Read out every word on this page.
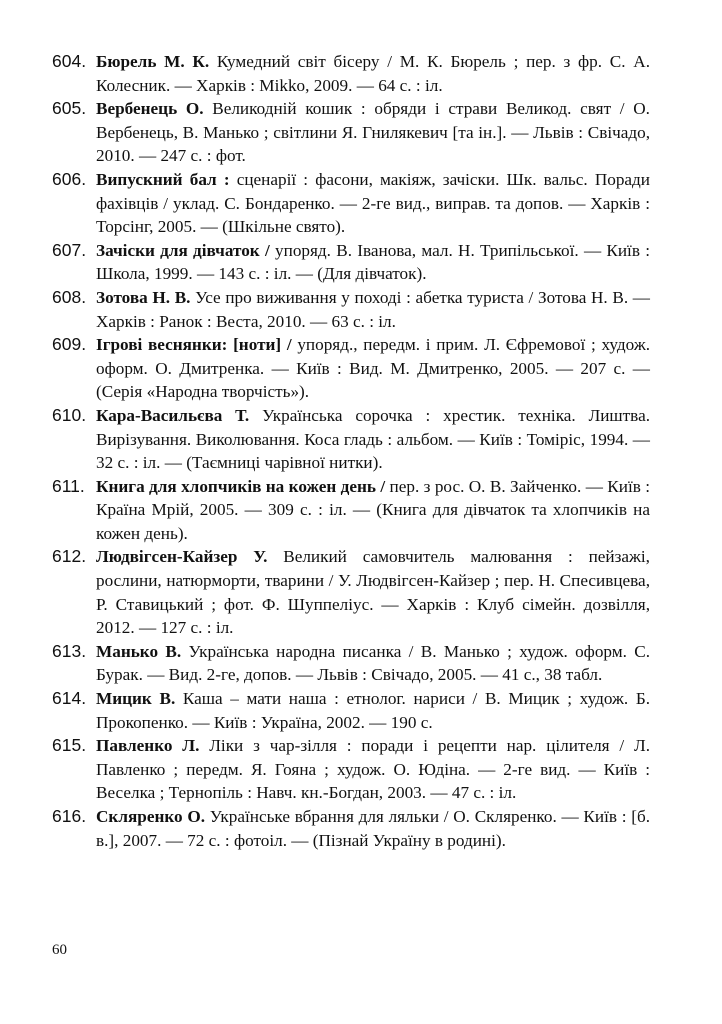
604. Бюрель М. К. Кумедний світ бісеру / М. К. Бюрель ; пер. з фр. С. А. Колесник. — Харків : Mikko, 2009. — 64 с. : іл.

605. Вербенець О. Великодній кошик : обряди і страви Великод. свят / О. Вербенець, В. Манько ; світлини Я. Гнилякевич [та ін.]. — Львів : Свічадо, 2010. — 247 с. : фот.

606. Випускний бал : сценарії : фасони, макіяж, зачіски. Шк. вальс. Поради фахівців / уклад. С. Бондаренко. — 2-ге вид., виправ. та допов. — Харків : Торсінг, 2005. — (Шкільне свято).

607. Зачіски для дівчаток / упоряд. В. Іванова, мал. Н. Трипільської. — Київ : Школа, 1999. — 143 с. : іл. — (Для дівчаток).

608. Зотова Н. В. Усе про виживання у поході : абетка туриста / Зотова Н. В. — Харків : Ранок : Веста, 2010. — 63 с. : іл.

609. Ігрові веснянки: [ноти] / упоряд., передм. і прим. Л. Єфремової ; худож. оформ. О. Дмитренка. — Київ : Вид. М. Дмитренко, 2005. — 207 с. — (Серія «Народна творчість»).

610. Кара-Васильєва Т. Українська сорочка : хрестик. техніка. Лиштва. Вирізування. Виколювання. Коса гладь : альбом. — Київ : Томіріс, 1994. — 32 с. : іл. — (Таємниці чарівної нитки).

611. Книга для хлопчиків на кожен день / пер. з рос. О. В. Зайченко. — Київ : Країна Мрій, 2005. — 309 с. : іл. — (Книга для дівчаток та хлопчиків на кожен день).

612. Людвігсен-Кайзер У. Великий самовчитель малювання : пейзажі, рослини, натюрморти, тварини / У. Людвігсен-Кайзер ; пер. Н. Спесивцева, Р. Ставицький ; фот. Ф. Шуппеліус. — Харків : Клуб сімейн. дозвілля, 2012. — 127 с. : іл.

613. Манько В. Українська народна писанка / В. Манько ; худож. оформ. С. Бурак. — Вид. 2-ге, допов. — Львів : Свічадо, 2005. — 41 с., 38 табл.

614. Мицик В. Каша – мати наша : етнолог. нариси / В. Мицик ; худож. Б. Прокопенко. — Київ : Україна, 2002. — 190 с.

615. Павленко Л. Ліки з чар-зілля : поради і рецепти нар. цілителя / Л. Павленко ; передм. Я. Гояна ; худож. О. Юдіна. — 2-ге вид. — Київ : Веселка ; Тернопіль : Навч. кн.-Богдан, 2003. — 47 с. : іл.

616. Скляренко О. Українське вбрання для ляльки / О. Скляренко. — Київ : [б. в.], 2007. — 72 с. : фотоіл. — (Пізнай Україну в родині).

60
